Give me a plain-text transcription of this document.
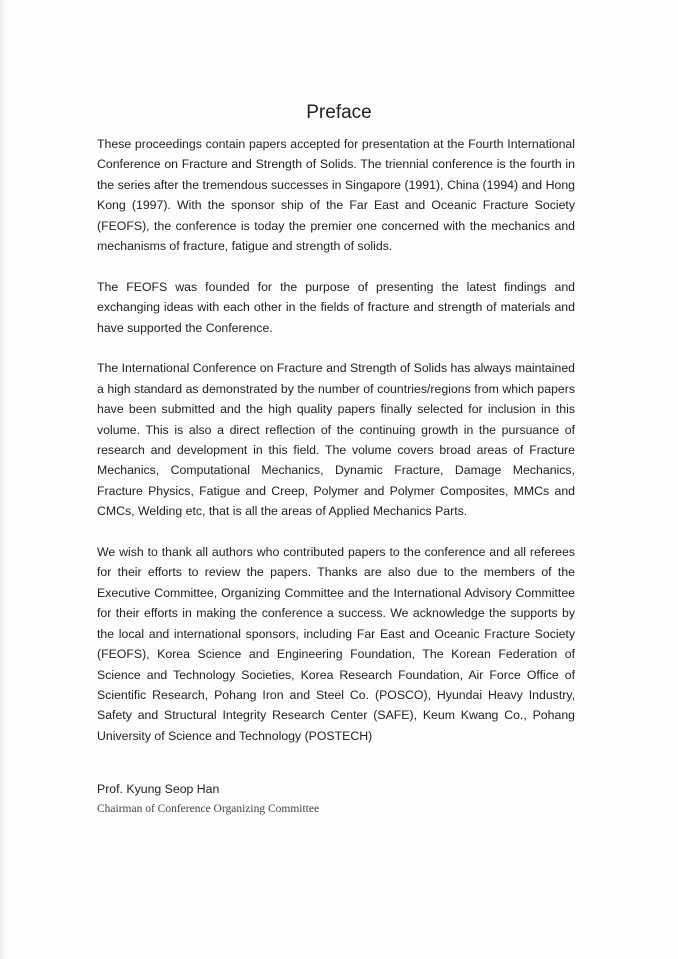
Preface

These proceedings contain papers accepted for presentation at the Fourth International Conference on Fracture and Strength of Solids. The triennial conference is the fourth in the series after the tremendous successes in Singapore (1991), China (1994) and Hong Kong (1997). With the sponsor ship of the Far East and Oceanic Fracture Society (FEOFS), the conference is today the premier one concerned with the mechanics and mechanisms of fracture, fatigue and strength of solids.

The FEOFS was founded for the purpose of presenting the latest findings and exchanging ideas with each other in the fields of fracture and strength of materials and have supported the Conference.

The International Conference on Fracture and Strength of Solids has always maintained a high standard as demonstrated by the number of countries/regions from which papers have been submitted and the high quality papers finally selected for inclusion in this volume. This is also a direct reflection of the continuing growth in the pursuance of research and development in this field. The volume covers broad areas of Fracture Mechanics, Computational Mechanics, Dynamic Fracture, Damage Mechanics, Fracture Physics, Fatigue and Creep, Polymer and Polymer Composites, MMCs and CMCs, Welding etc, that is all the areas of Applied Mechanics Parts.

We wish to thank all authors who contributed papers to the conference and all referees for their efforts to review the papers. Thanks are also due to the members of the Executive Committee, Organizing Committee and the International Advisory Committee for their efforts in making the conference a success. We acknowledge the supports by the local and international sponsors, including Far East and Oceanic Fracture Society (FEOFS), Korea Science and Engineering Foundation, The Korean Federation of Science and Technology Societies, Korea Research Foundation, Air Force Office of Scientific Research, Pohang Iron and Steel Co. (POSCO), Hyundai Heavy Industry, Safety and Structural Integrity Research Center (SAFE), Keum Kwang Co., Pohang University of Science and Technology (POSTECH)

Prof. Kyung Seop Han
Chairman of Conference Organizing Committee
